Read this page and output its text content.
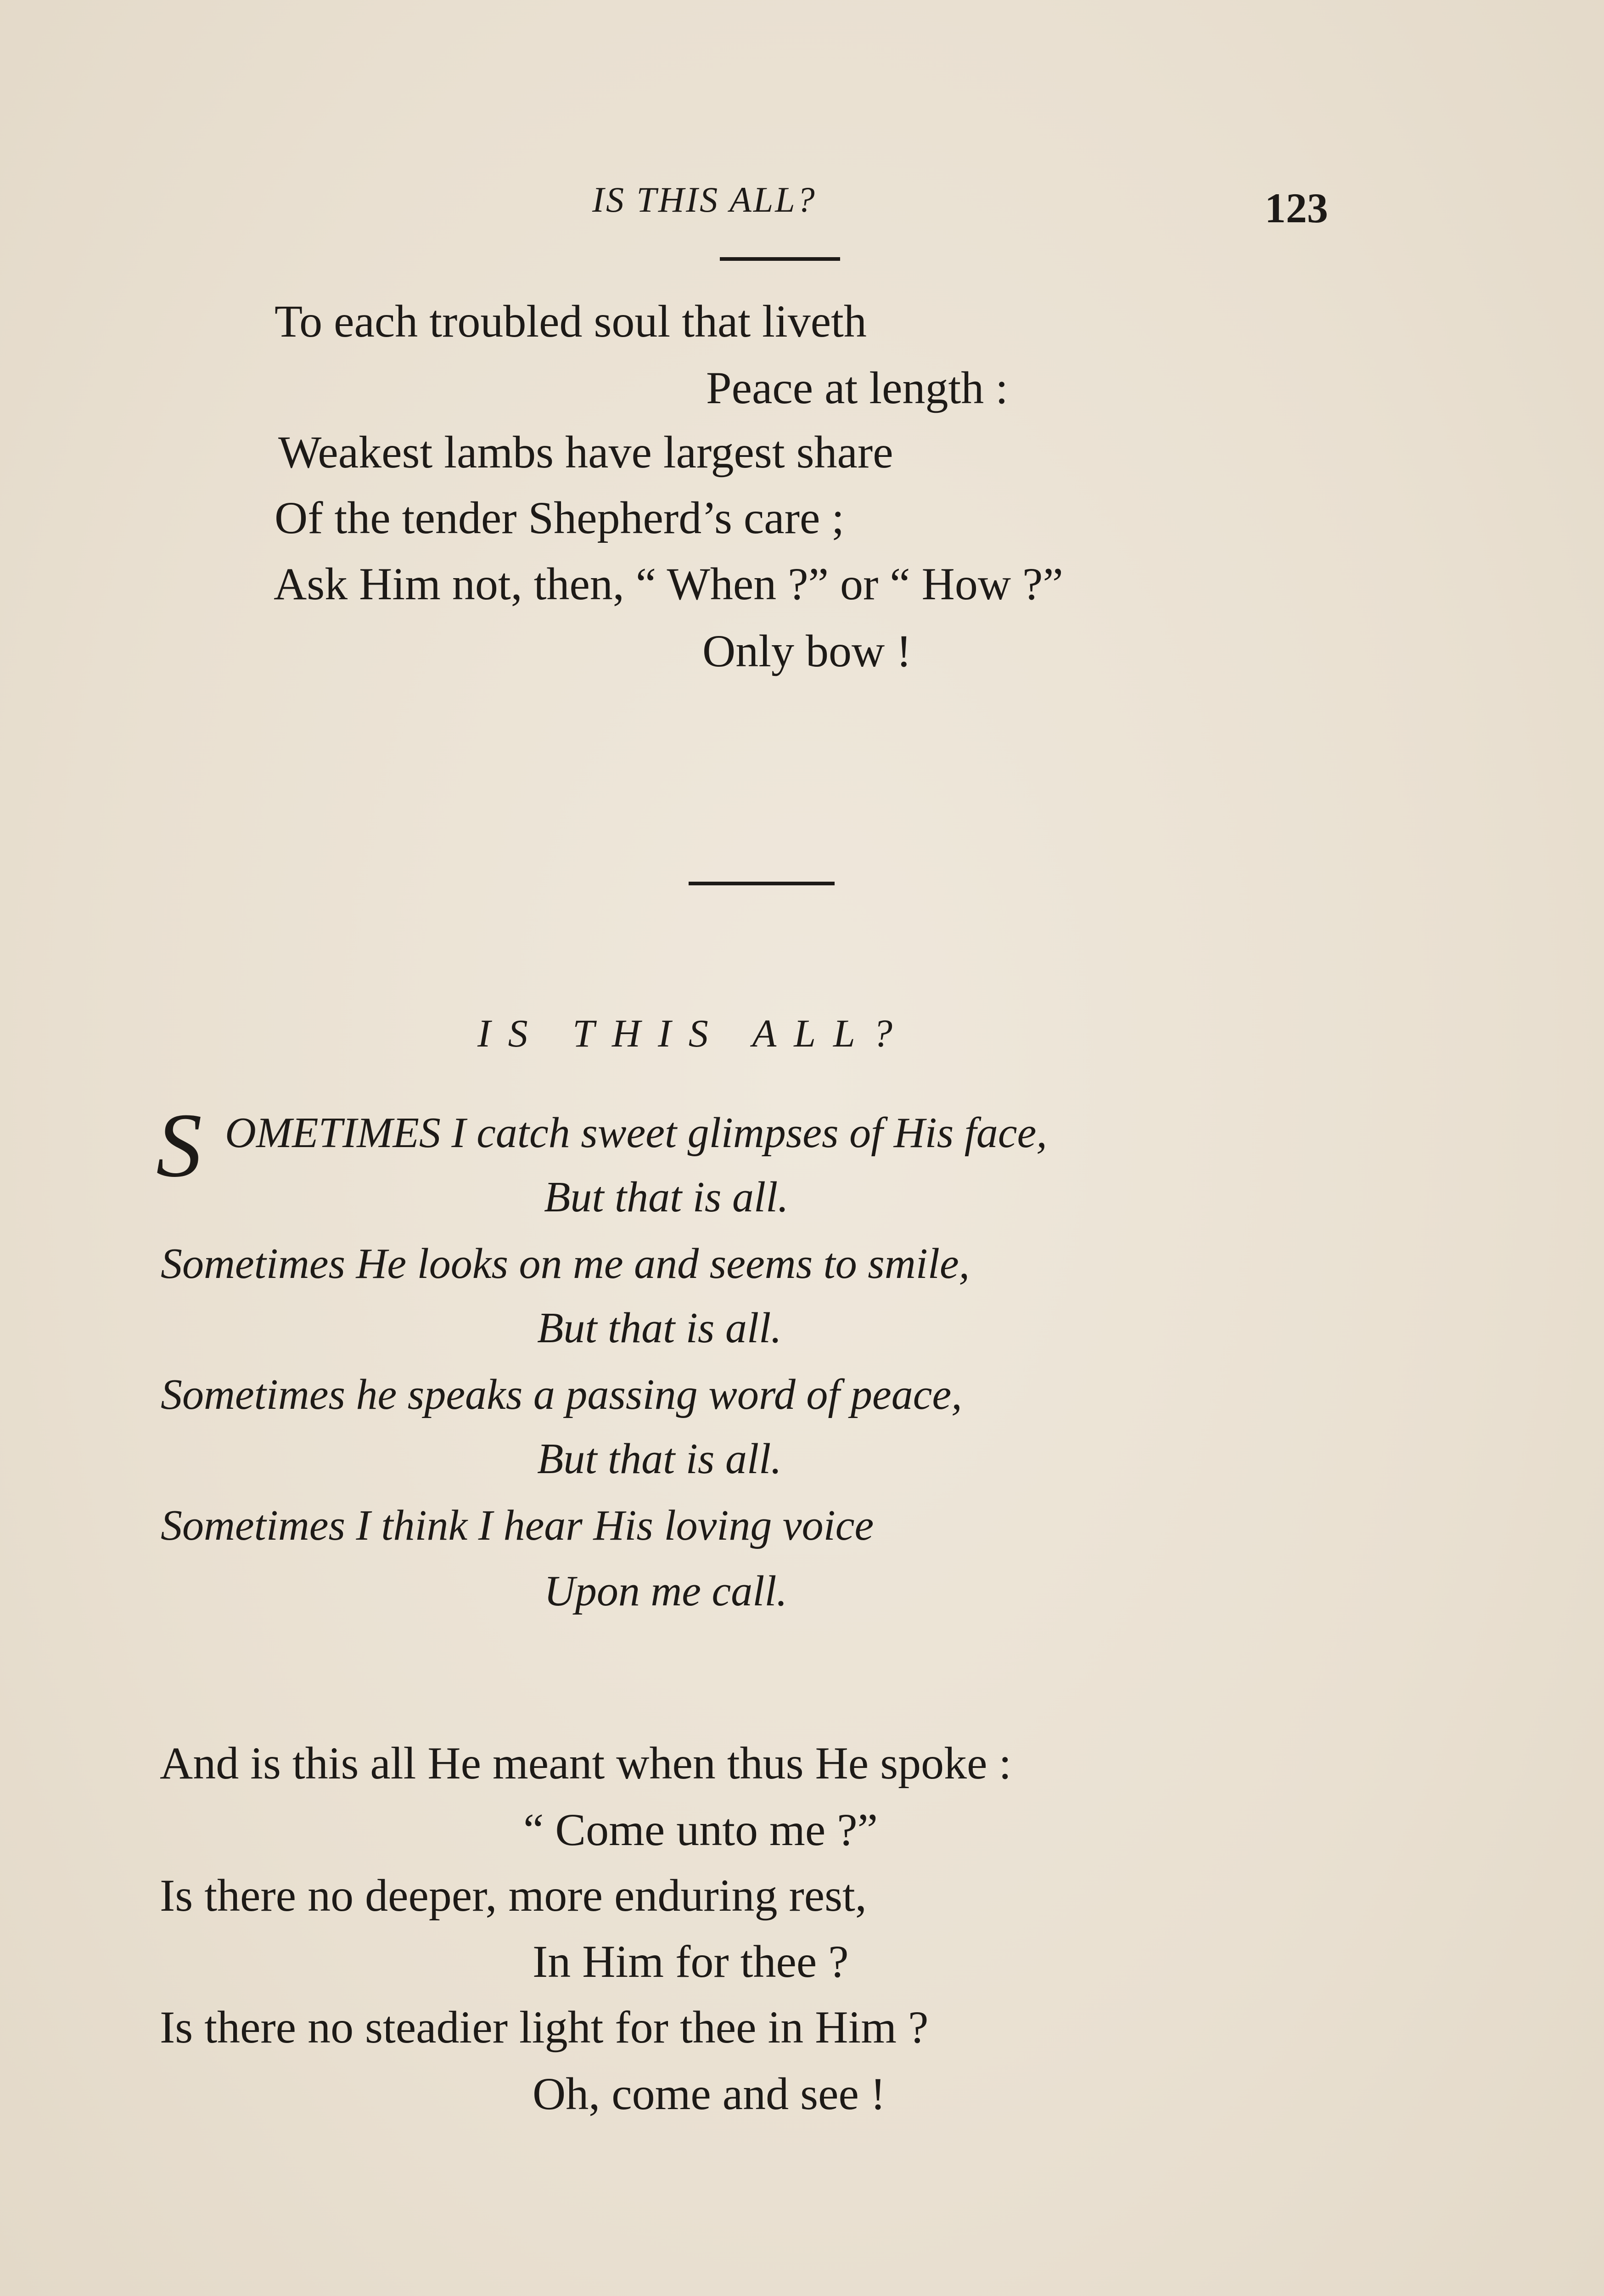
IS THIS ALL?	123
To each troubled soul that liveth
Peace at length :
Weakest lambs have largest share
Of the tender Shepherd’s care ;
Ask Him not, then, “ When ?” or “ How ?”
Only bow !
IS THIS ALL?
S OMETIMES I catch sweet glimpses of His face,
But that is all.
Sometimes He looks on me and seems to smile,
But that is all.
Sometimes he speaks a passing word of peace,
But that is all.
Sometimes I think I hear His loving voice
Upon me call.
And is this all He meant when thus He spoke :
“ Come unto me ?”
Is there no deeper, more enduring rest,
In Him for thee ?
Is there no steadier light for thee in Him ?
Oh, come and see !
